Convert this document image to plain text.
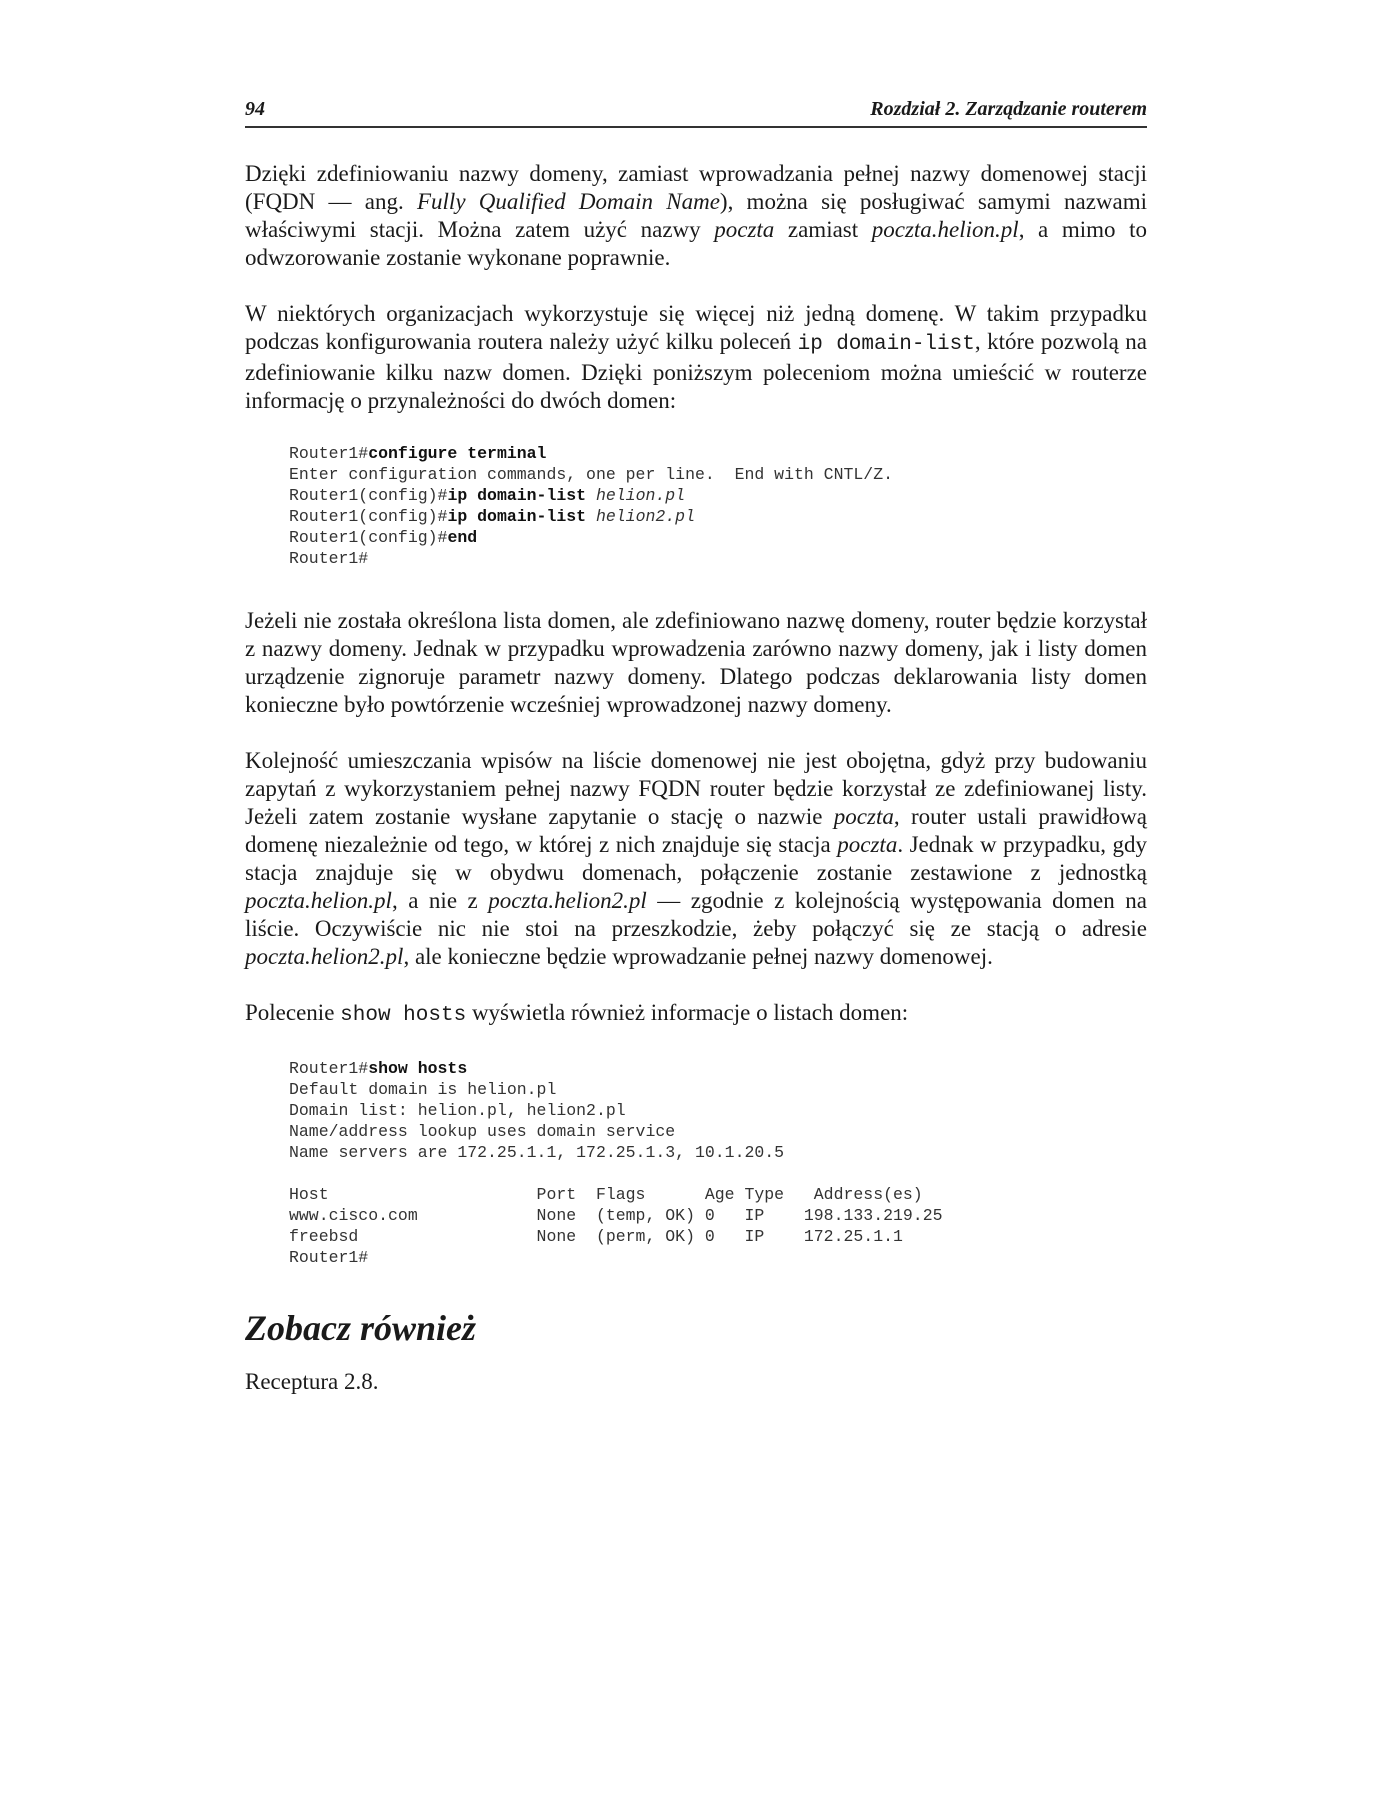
94	Rozdział 2. Zarządzanie routerem

Dzięki zdefiniowaniu nazwy domeny, zamiast wprowadzania pełnej nazwy domenowej stacji (FQDN — ang. Fully Qualified Domain Name), można się posługiwać samymi nazwami właściwymi stacji. Można zatem użyć nazwy poczta zamiast poczta.helion.pl, a mimo to odwzorowanie zostanie wykonane poprawnie.

W niektórych organizacjach wykorzystuje się więcej niż jedną domenę. W takim przypadku podczas konfigurowania routera należy użyć kilku poleceń ip domain-list, które pozwolą na zdefiniowanie kilku nazw domen. Dzięki poniższym poleceniom można umieścić w routerze informację o przynależności do dwóch domen:

Router1#configure terminal
Enter configuration commands, one per line.  End with CNTL/Z.
Router1(config)#ip domain-list helion.pl
Router1(config)#ip domain-list helion2.pl
Router1(config)#end
Router1#

Jeżeli nie została określona lista domen, ale zdefiniowano nazwę domeny, router będzie korzystał z nazwy domeny. Jednak w przypadku wprowadzenia zarówno nazwy domeny, jak i listy domen urządzenie zignoruje parametr nazwy domeny. Dlatego podczas deklarowania listy domen konieczne było powtórzenie wcześniej wprowadzonej nazwy domeny.

Kolejność umieszczania wpisów na liście domenowej nie jest obojętna, gdyż przy budowaniu zapytań z wykorzystaniem pełnej nazwy FQDN router będzie korzystał ze zdefiniowanej listy. Jeżeli zatem zostanie wysłane zapytanie o stację o nazwie poczta, router ustali prawidłową domenę niezależnie od tego, w której z nich znajduje się stacja poczta. Jednak w przypadku, gdy stacja znajduje się w obydwu domenach, połączenie zostanie zestawione z jednostką poczta.helion.pl, a nie z poczta.helion2.pl — zgodnie z kolejnością występowania domen na liście. Oczywiście nic nie stoi na przeszkodzie, żeby połączyć się ze stacją o adresie poczta.helion2.pl, ale konieczne będzie wprowadzanie pełnej nazwy domenowej.

Polecenie show hosts wyświetla również informacje o listach domen:

Router1#show hosts
Default domain is helion.pl
Domain list: helion.pl, helion2.pl
Name/address lookup uses domain service
Name servers are 172.25.1.1, 172.25.1.3, 10.1.20.5

Host                     Port  Flags      Age Type   Address(es)
www.cisco.com            None  (temp, OK) 0   IP    198.133.219.25
freebsd                  None  (perm, OK) 0   IP    172.25.1.1
Router1#
Zobacz również

Receptura 2.8.
